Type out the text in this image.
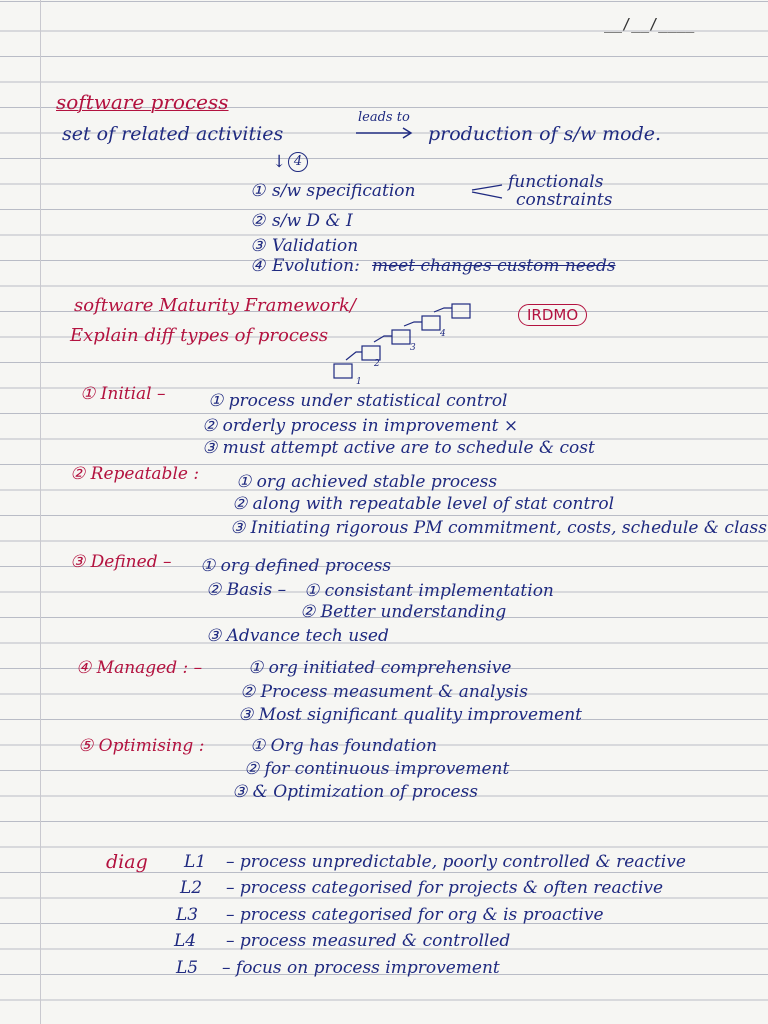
__/__/____
software process
set of related activities
leads to
production of s/w mode.
↓ 4
① s/w specification	functionals
constraints
② s/w D & I
③ Validation
④ Evolution: meet changes custom needs
software Maturity Framework/
Explain diff types of process
IRDMO
1
2
3
4
① Initial – ① process under statistical control
② orderly process in improvement ×
③ must attempt active are to schedule & cost
② Repeatable : ① org achieved stable process
② along with repeatable level of stat control
③ Initiating rigorous PM commitment, costs, schedule & class
③ Defined – ① org defined process
② Basis – ① consistant implementation
② Better understanding
③ Advance tech used
④ Managed : –	① org initiated comprehensive
② Process measument & analysis
③ Most significant quality improvement
⑤ Optimising :	① Org has foundation
② for continuous improvement
③ & Optimization of process
diag L1 – process unpredictable, poorly controlled & reactive
L2 – process categorised for projects & often reactive
L3 – process categorised for org & is proactive
L4 – process measured & controlled
L5 – focus on process improvement
